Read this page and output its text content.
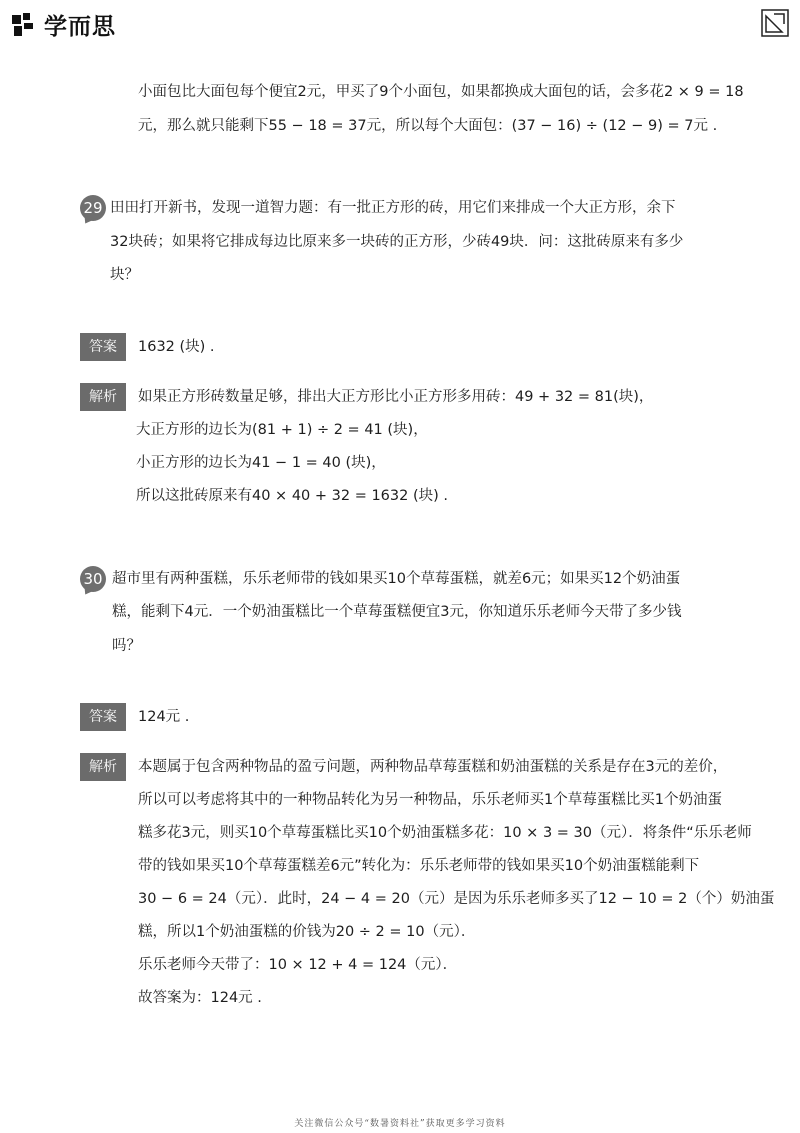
学而思
小面包比大面包每个便宜2元，甲买了9个小面包，如果都换成大面包的话，会多花2 × 9 = 18
元，那么就只能剩下55 − 18 = 37元，所以每个大面包：(37 − 16) ÷ (12 − 9) = 7元 .
29 田田打开新书，发现一道智力题：有一批正方形的砖，用它们来排成一个大正方形，余下
32块砖；如果将它排成每边比原来多一块砖的正方形，少砖49块．问：这批砖原来有多少
块？
答案	1632 (块) .
解析	如果正方形砖数量足够，排出大正方形比小正方形多用砖：49 + 32 = 81(块)，
大正方形的边长为(81 + 1) ÷ 2 = 41 (块)，
小正方形的边长为41 − 1 = 40 (块)，
所以这批砖原来有40 × 40 + 32 = 1632 (块) .
30 超市里有两种蛋糕，乐乐老师带的钱如果买10个草莓蛋糕，就差6元；如果买12个奶油蛋
糕，能剩下4元．一个奶油蛋糕比一个草莓蛋糕便宜3元，你知道乐乐老师今天带了多少钱
吗？
答案	124元 .
解析	本题属于包含两种物品的盈亏问题，两种物品草莓蛋糕和奶油蛋糕的关系是存在3元的差价，
所以可以考虑将其中的一种物品转化为另一种物品，乐乐老师买1个草莓蛋糕比买1个奶油蛋
糕多花3元，则买10个草莓蛋糕比买10个奶油蛋糕多花：10 × 3 = 30（元）．将条件“乐乐老师
带的钱如果买10个草莓蛋糕差6元”转化为：乐乐老师带的钱如果买10个奶油蛋糕能剩下
30 − 6 = 24（元）．此时，24 − 4 = 20（元）是因为乐乐老师多买了12 − 10 = 2（个）奶油蛋
糕，所以1个奶油蛋糕的价钱为20 ÷ 2 = 10（元）．
乐乐老师今天带了：10 × 12 + 4 = 124（元）．
故答案为：124元 .
关注微信公众号“数暑资料社”获取更多学习资料
